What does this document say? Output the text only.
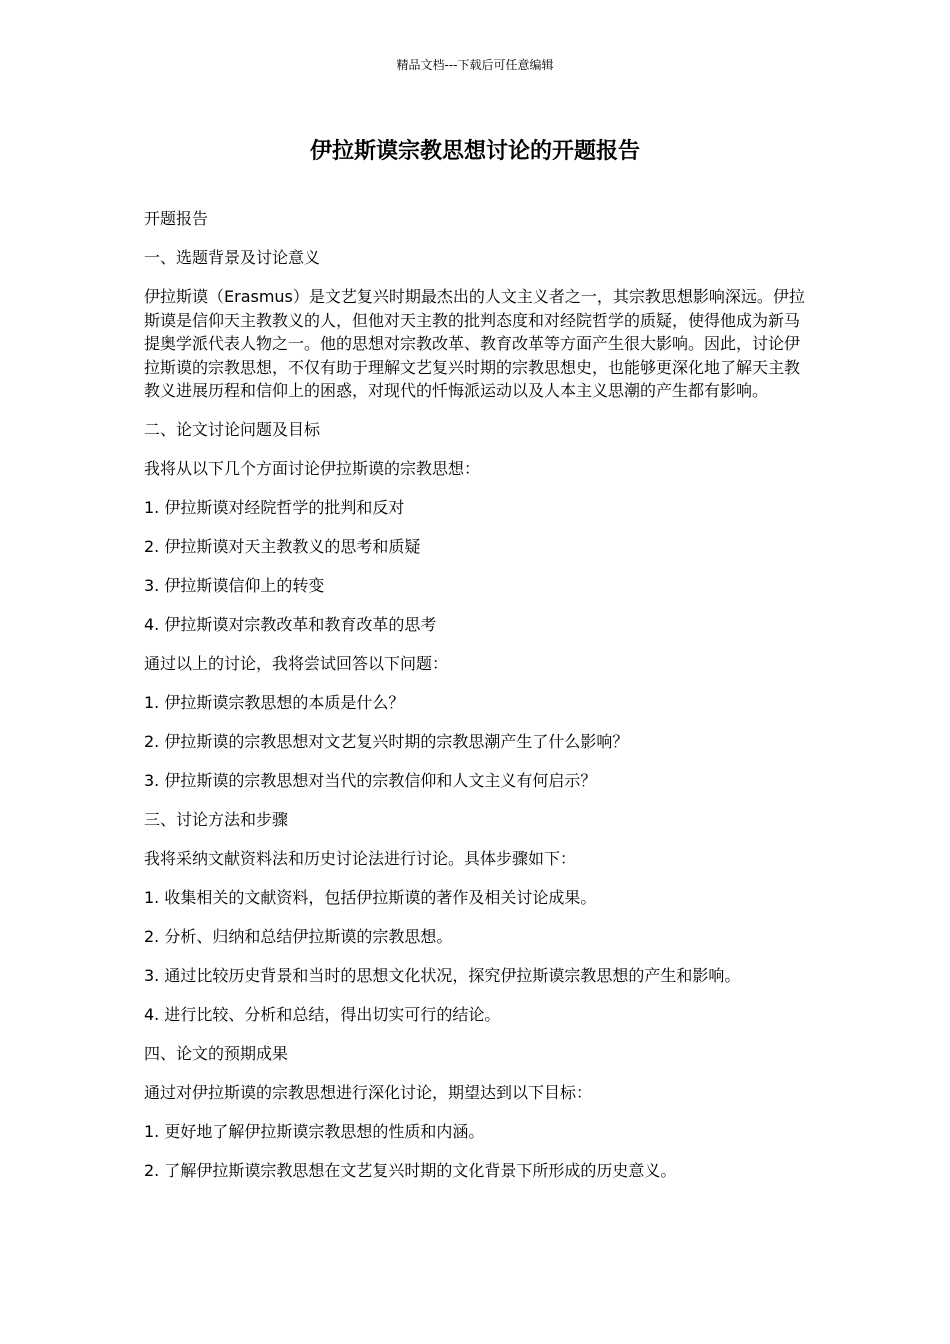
精品文档---下载后可任意编辑
伊拉斯谟宗教思想讨论的开题报告

开题报告

一、选题背景及讨论意义

伊拉斯谟（Erasmus）是文艺复兴时期最杰出的人文主义者之一，其宗教思想影响深远。伊拉斯谟是信仰天主教教义的人，但他对天主教的批判态度和对经院哲学的质疑，使得他成为新马提奥学派代表人物之一。他的思想对宗教改革、教育改革等方面产生很大影响。因此，讨论伊拉斯谟的宗教思想，不仅有助于理解文艺复兴时期的宗教思想史，也能够更深化地了解天主教教义进展历程和信仰上的困惑，对现代的忏悔派运动以及人本主义思潮的产生都有影响。

二、论文讨论问题及目标

我将从以下几个方面讨论伊拉斯谟的宗教思想：

1. 伊拉斯谟对经院哲学的批判和反对

2. 伊拉斯谟对天主教教义的思考和质疑

3. 伊拉斯谟信仰上的转变

4. 伊拉斯谟对宗教改革和教育改革的思考

通过以上的讨论，我将尝试回答以下问题：

1. 伊拉斯谟宗教思想的本质是什么？

2. 伊拉斯谟的宗教思想对文艺复兴时期的宗教思潮产生了什么影响？

3. 伊拉斯谟的宗教思想对当代的宗教信仰和人文主义有何启示？

三、讨论方法和步骤

我将采纳文献资料法和历史讨论法进行讨论。具体步骤如下：

1. 收集相关的文献资料，包括伊拉斯谟的著作及相关讨论成果。

2. 分析、归纳和总结伊拉斯谟的宗教思想。

3. 通过比较历史背景和当时的思想文化状况，探究伊拉斯谟宗教思想的产生和影响。

4. 进行比较、分析和总结，得出切实可行的结论。

四、论文的预期成果

通过对伊拉斯谟的宗教思想进行深化讨论，期望达到以下目标：

1. 更好地了解伊拉斯谟宗教思想的性质和内涵。

2. 了解伊拉斯谟宗教思想在文艺复兴时期的文化背景下所形成的历史意义。
